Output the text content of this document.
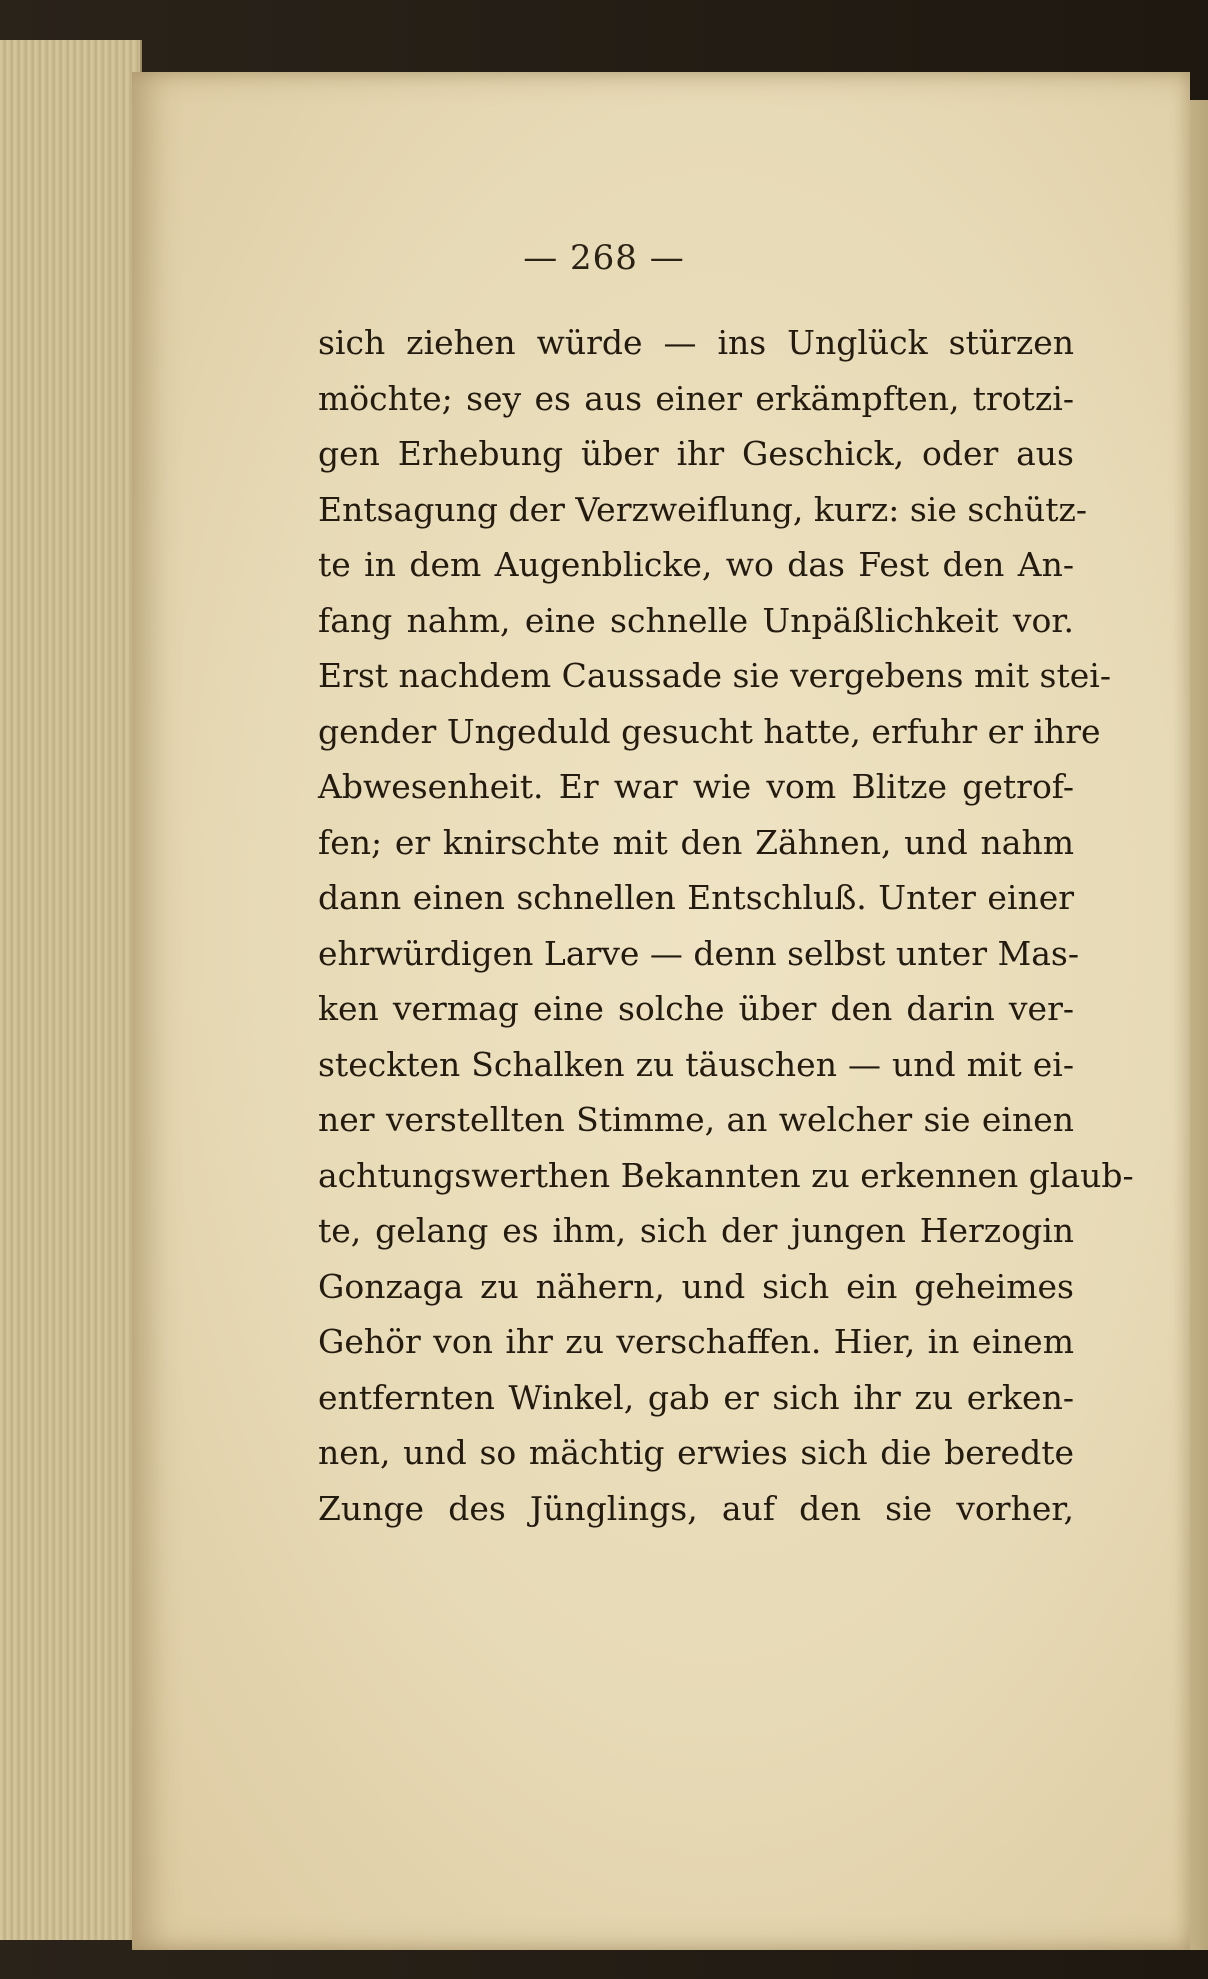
— 268 —
sich ziehen würde — ins Unglück stürzen
möchte; sey es aus einer erkämpften, trotzi-
gen Erhebung über ihr Geschick, oder aus
Entsagung der Verzweiflung, kurz: sie schütz-
te in dem Augenblicke, wo das Fest den An-
fang nahm, eine schnelle Unpäßlichkeit vor.
Erst nachdem Caussade sie vergebens mit stei-
gender Ungeduld gesucht hatte, erfuhr er ihre
Abwesenheit. Er war wie vom Blitze getrof-
fen; er knirschte mit den Zähnen, und nahm
dann einen schnellen Entschluß. Unter einer
ehrwürdigen Larve — denn selbst unter Mas-
ken vermag eine solche über den darin ver-
steckten Schalken zu täuschen — und mit ei-
ner verstellten Stimme, an welcher sie einen
achtungswerthen Bekannten zu erkennen glaub-
te, gelang es ihm, sich der jungen Herzogin
Gonzaga zu nähern, und sich ein geheimes
Gehör von ihr zu verschaffen. Hier, in einem
entfernten Winkel, gab er sich ihr zu erken-
nen, und so mächtig erwies sich die beredte
Zunge des Jünglings, auf den sie vorher,
